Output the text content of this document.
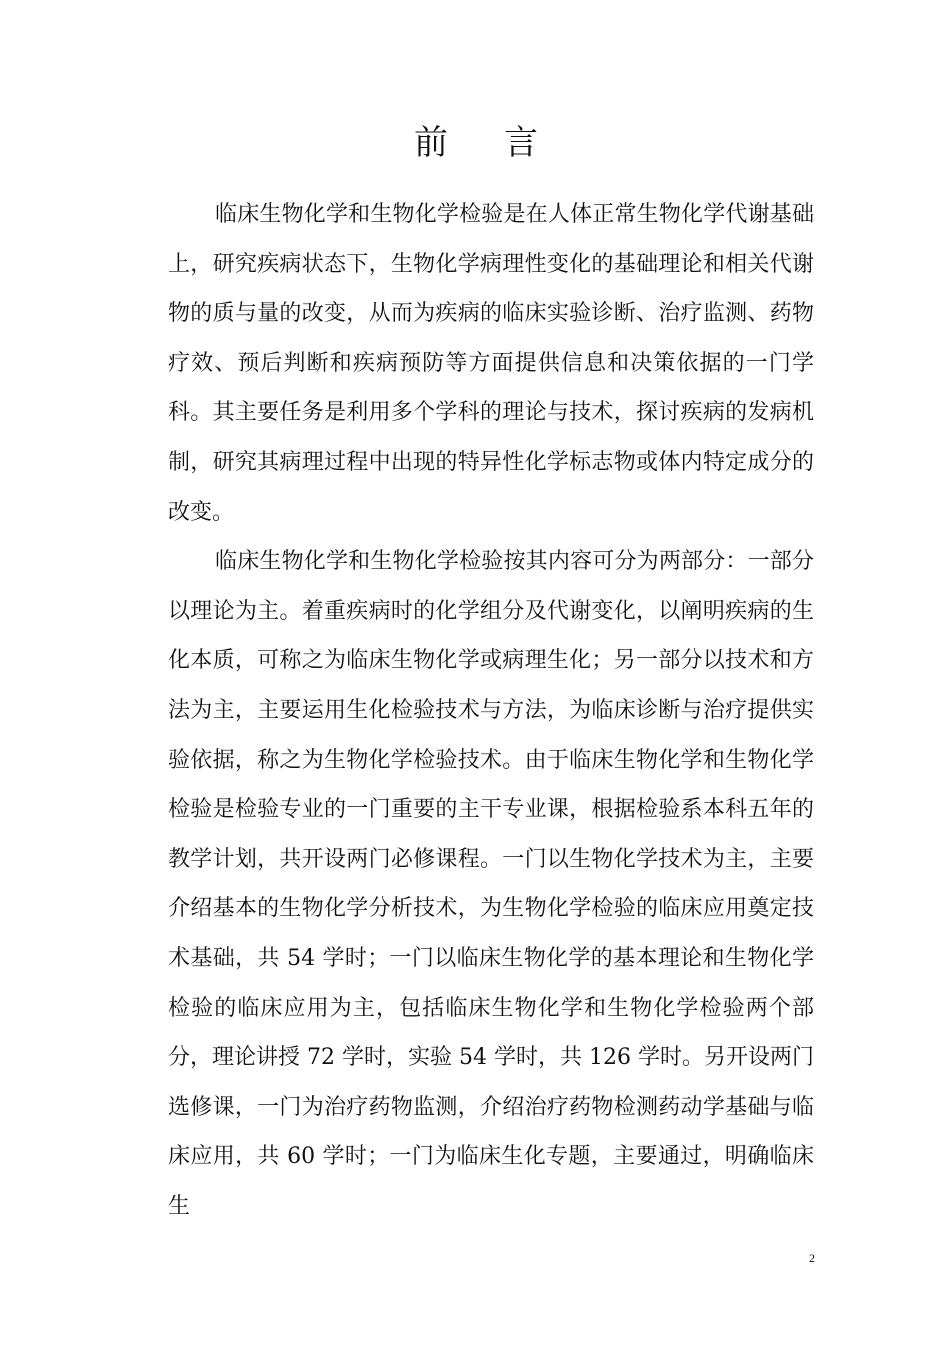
前言

临床生物化学和生物化学检验是在人体正常生物化学代谢基础上，研究疾病状态下，生物化学病理性变化的基础理论和相关代谢物的质与量的改变，从而为疾病的临床实验诊断、治疗监测、药物疗效、预后判断和疾病预防等方面提供信息和决策依据的一门学科。其主要任务是利用多个学科的理论与技术，探讨疾病的发病机制，研究其病理过程中出现的特异性化学标志物或体内特定成分的改变。

临床生物化学和生物化学检验按其内容可分为两部分：一部分以理论为主。着重疾病时的化学组分及代谢变化，以阐明疾病的生化本质，可称之为临床生物化学或病理生化；另一部分以技术和方法为主，主要运用生化检验技术与方法，为临床诊断与治疗提供实验依据，称之为生物化学检验技术。由于临床生物化学和生物化学检验是检验专业的一门重要的主干专业课，根据检验系本科五年的教学计划，共开设两门必修课程。一门以生物化学技术为主，主要介绍基本的生物化学分析技术，为生物化学检验的临床应用奠定技术基础，共 54 学时；一门以临床生物化学的基本理论和生物化学检验的临床应用为主，包括临床生物化学和生物化学检验两个部分，理论讲授 72 学时，实验 54 学时，共 126 学时。另开设两门选修课，一门为治疗药物监测，介绍治疗药物检测药动学基础与临床应用，共 60 学时；一门为临床生化专题，主要通过，明确临床生

2
